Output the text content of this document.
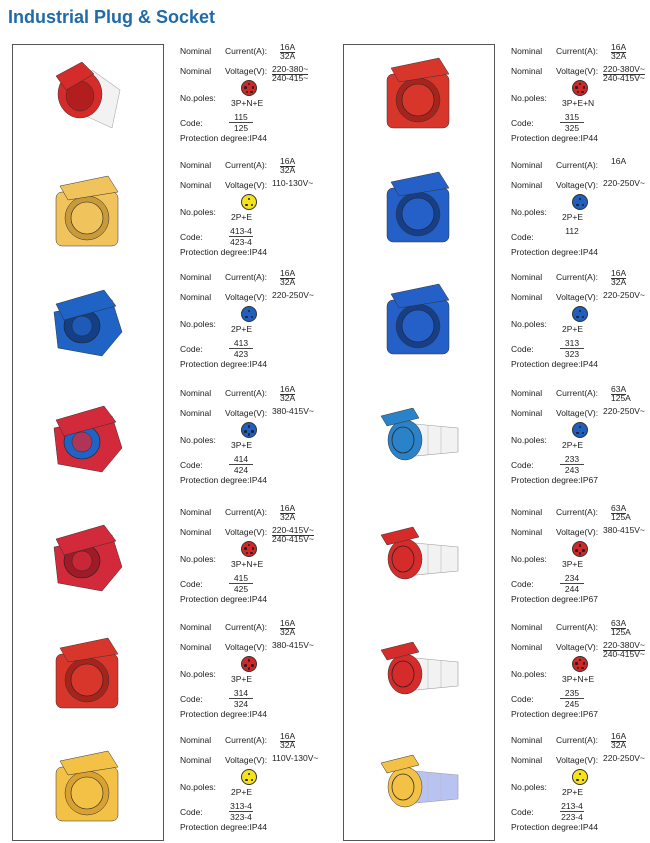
Industrial Plug & Socket
Nominal Current(A): 16A
32A
Nominal Voltage(V): 220-380~
240-415~
No.poles: 3P+N+E
Code:
115
125
Protection degree:IP44
Nominal Current(A): 16A
32A
Nominal Voltage(V): 110-130V~
No.poles: 2P+E
Code:
413-4
423-4
Protection degree:IP44
Nominal Current(A): 16A
32A
Nominal Voltage(V): 220-250V~
No.poles: 2P+E
Code:
413
423
Protection degree:IP44
Nominal Current(A): 16A
32A
Nominal Voltage(V): 380-415V~
No.poles: 3P+E
Code:
414
424
Protection degree:IP44
Nominal Current(A): 16A
32A
Nominal Voltage(V): 220-415V~
240-415V~
No.poles: 3P+N+E
Code:
415
425
Protection degree:IP44
Nominal Current(A): 16A
32A
Nominal Voltage(V): 380-415V~
No.poles: 3P+E
Code:
314
324
Protection degree:IP44
Nominal Current(A): 16A
32A
Nominal Voltage(V): 110V-130V~
No.poles: 2P+E
Code:
313-4
323-4
Protection degree:IP44
Nominal Current(A): 16A
32A
Nominal Voltage(V): 220-380V~
240-415V~
No.poles: 3P+E+N
Code:
315
325
Protection degree:IP44
Nominal Current(A): 16A
Nominal Voltage(V): 220-250V~
No.poles: 2P+E
Code:
112
Protection degree:IP44
Nominal Current(A): 16A
32A
Nominal Voltage(V): 220-250V~
No.poles: 2P+E
Code:
313
323
Protection degree:IP44
Nominal Current(A): 63A
125A
Nominal Voltage(V): 220-250V~
No.poles: 2P+E
Code:
233
243
Protection degree:IP67
Nominal Current(A): 63A
125A
Nominal Voltage(V): 380-415V~
No.poles: 3P+E
Code:
234
244
Protection degree:IP67
Nominal Current(A): 63A
125A
Nominal Voltage(V): 220-380V~
240-415V~
No.poles: 3P+N+E
Code:
235
245
Protection degree:IP67
Nominal Current(A): 16A
32A
Nominal Voltage(V): 220-250V~
No.poles: 2P+E
Code:
213-4
223-4
Protection degree:IP44
